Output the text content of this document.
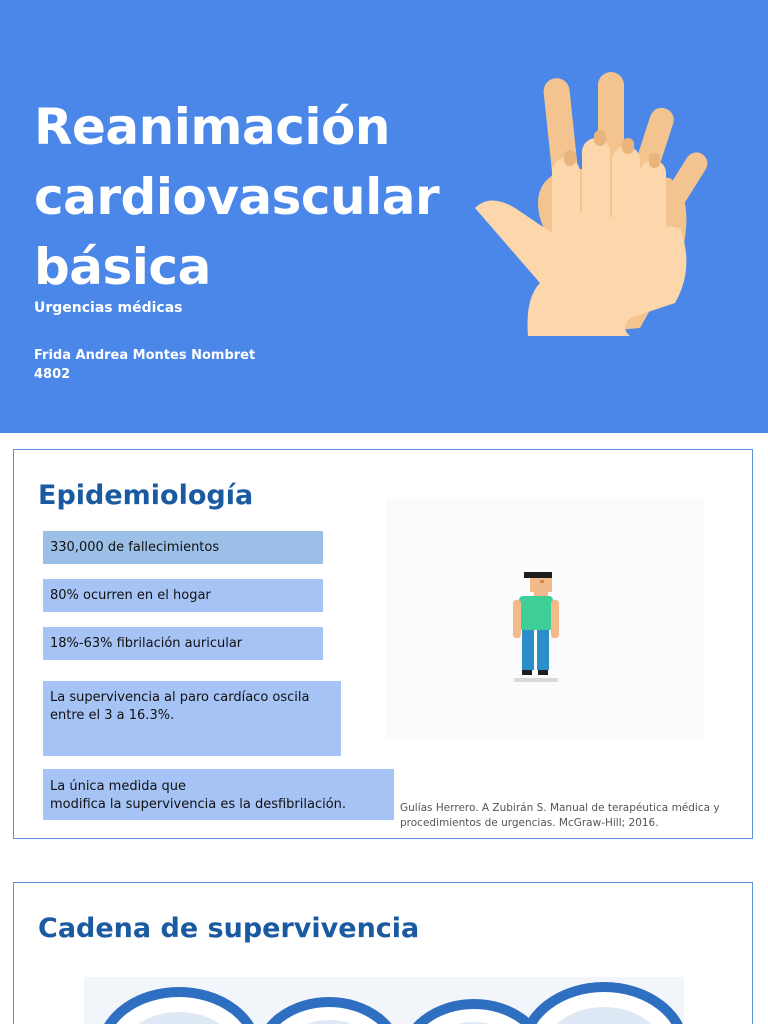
Reanimación
cardiovascular
básica
Urgencias médicas
Frida Andrea Montes Nombret
4802
Epidemiología
330,000 de fallecimientos
80% ocurren en el hogar
18%-63% fibrilación auricular
La supervivencia al paro cardíaco oscila
entre el 3 a 16.3%.
La única medida que
modifica la supervivencia es la desfibrilación.	Gulías Herrero. A Zubirán S. Manual de terapéutica médica y procedimientos de urgencias. McGraw-Hill; 2016.
Cadena de supervivencia
